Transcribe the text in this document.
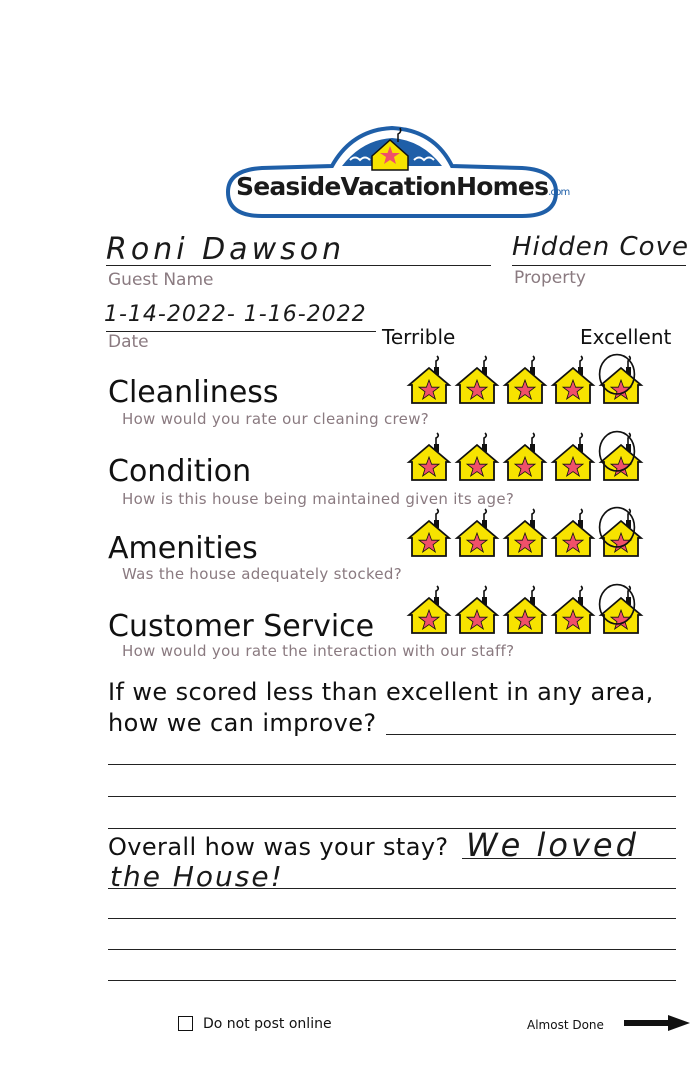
SeasideVacationHomes.com
Roni Dawson
Guest Name
Hidden Cove
Property
1-14-2022- 1-16-2022
Date	Terrible	Excellent
Cleanliness
How would you rate our cleaning crew?
Condition
How is this house being maintained given its age?
Amenities
Was the house adequately stocked?
Customer Service
How would you rate the interaction with our staff?
If we scored less than excellent in any area,
how we can improve?
Overall how was your stay? We loved
the House!
Do not post online	Almost Done
